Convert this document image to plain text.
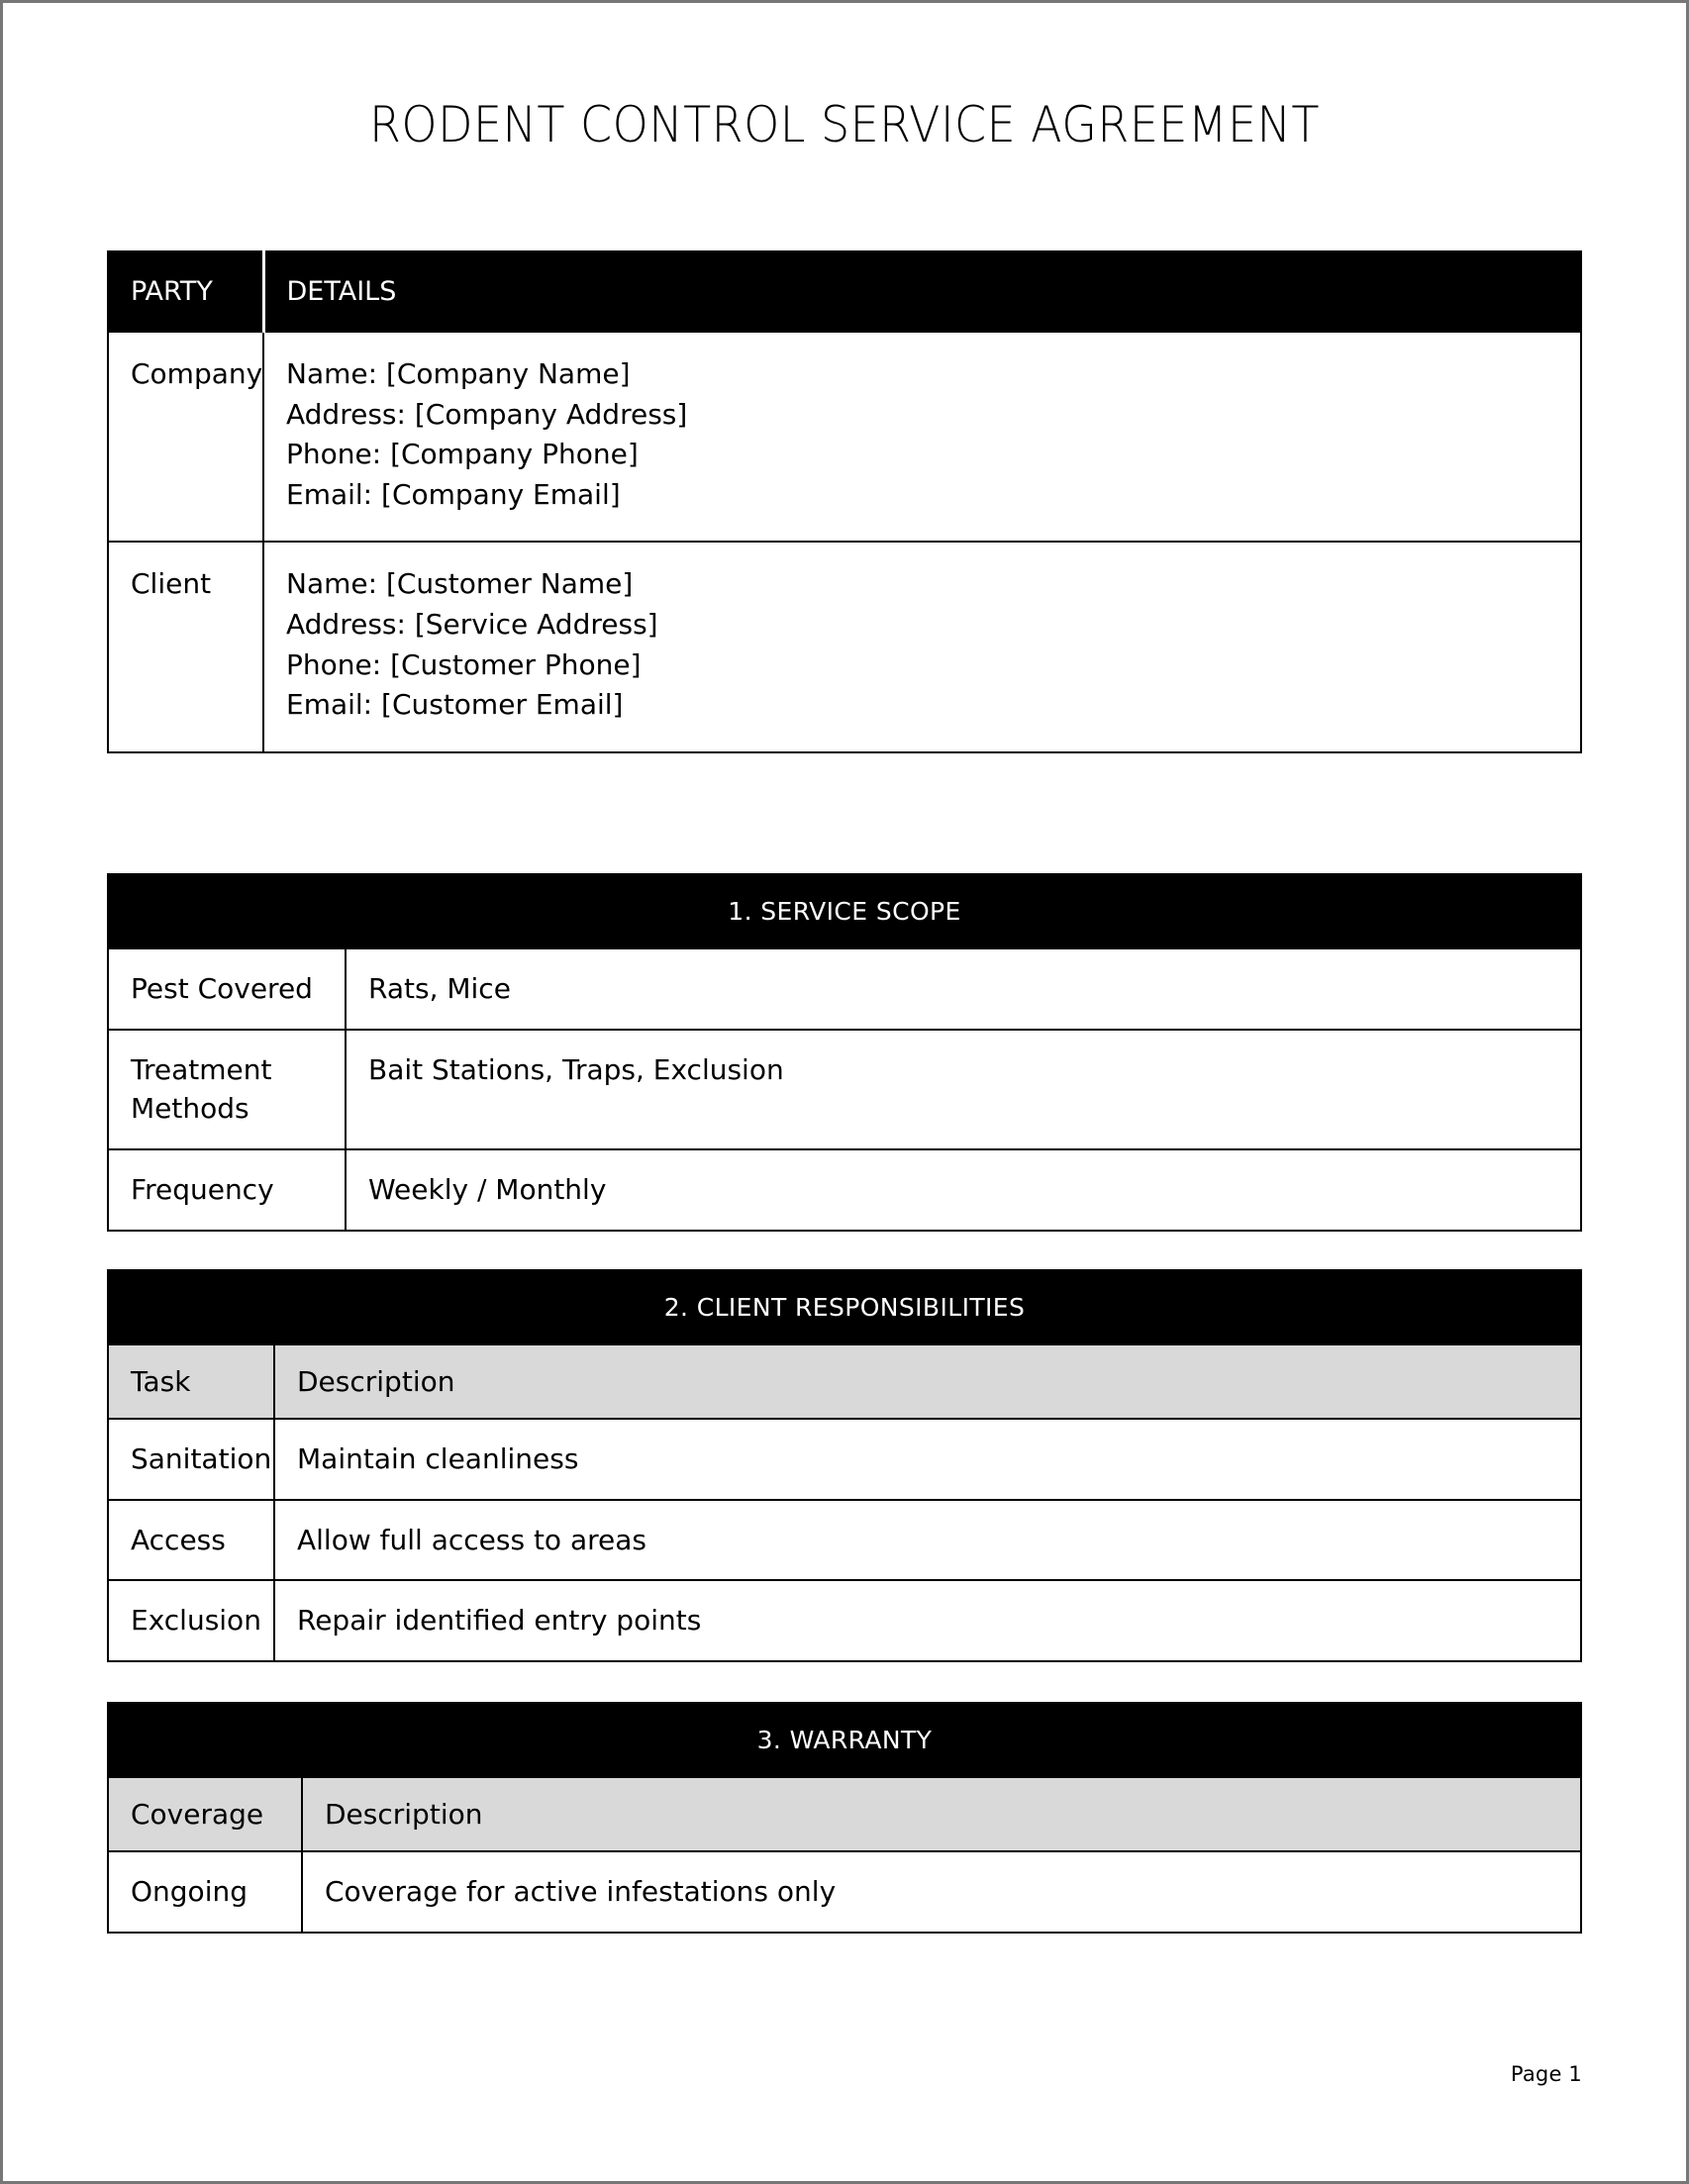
RODENT CONTROL SERVICE AGREEMENT
PARTY	DETAILS
Company	Name: [Company Name]
Address: [Company Address]
Phone: [Company Phone]
Email: [Company Email]

Client	Name: [Customer Name]
Address: [Service Address]
Phone: [Customer Phone]
Email: [Customer Email]
1. SERVICE SCOPE	
Pest Covered	Rats, Mice
Treatment Methods	Bait Stations, Traps, Exclusion
Frequency	Weekly / Monthly
2. CLIENT RESPONSIBILITIES	
Task	Description
Sanitation	Maintain cleanliness
Access	Allow full access to areas
Exclusion	Repair identified entry points
3. WARRANTY	
Coverage	Description
Ongoing	Coverage for active infestations only
Page 1
